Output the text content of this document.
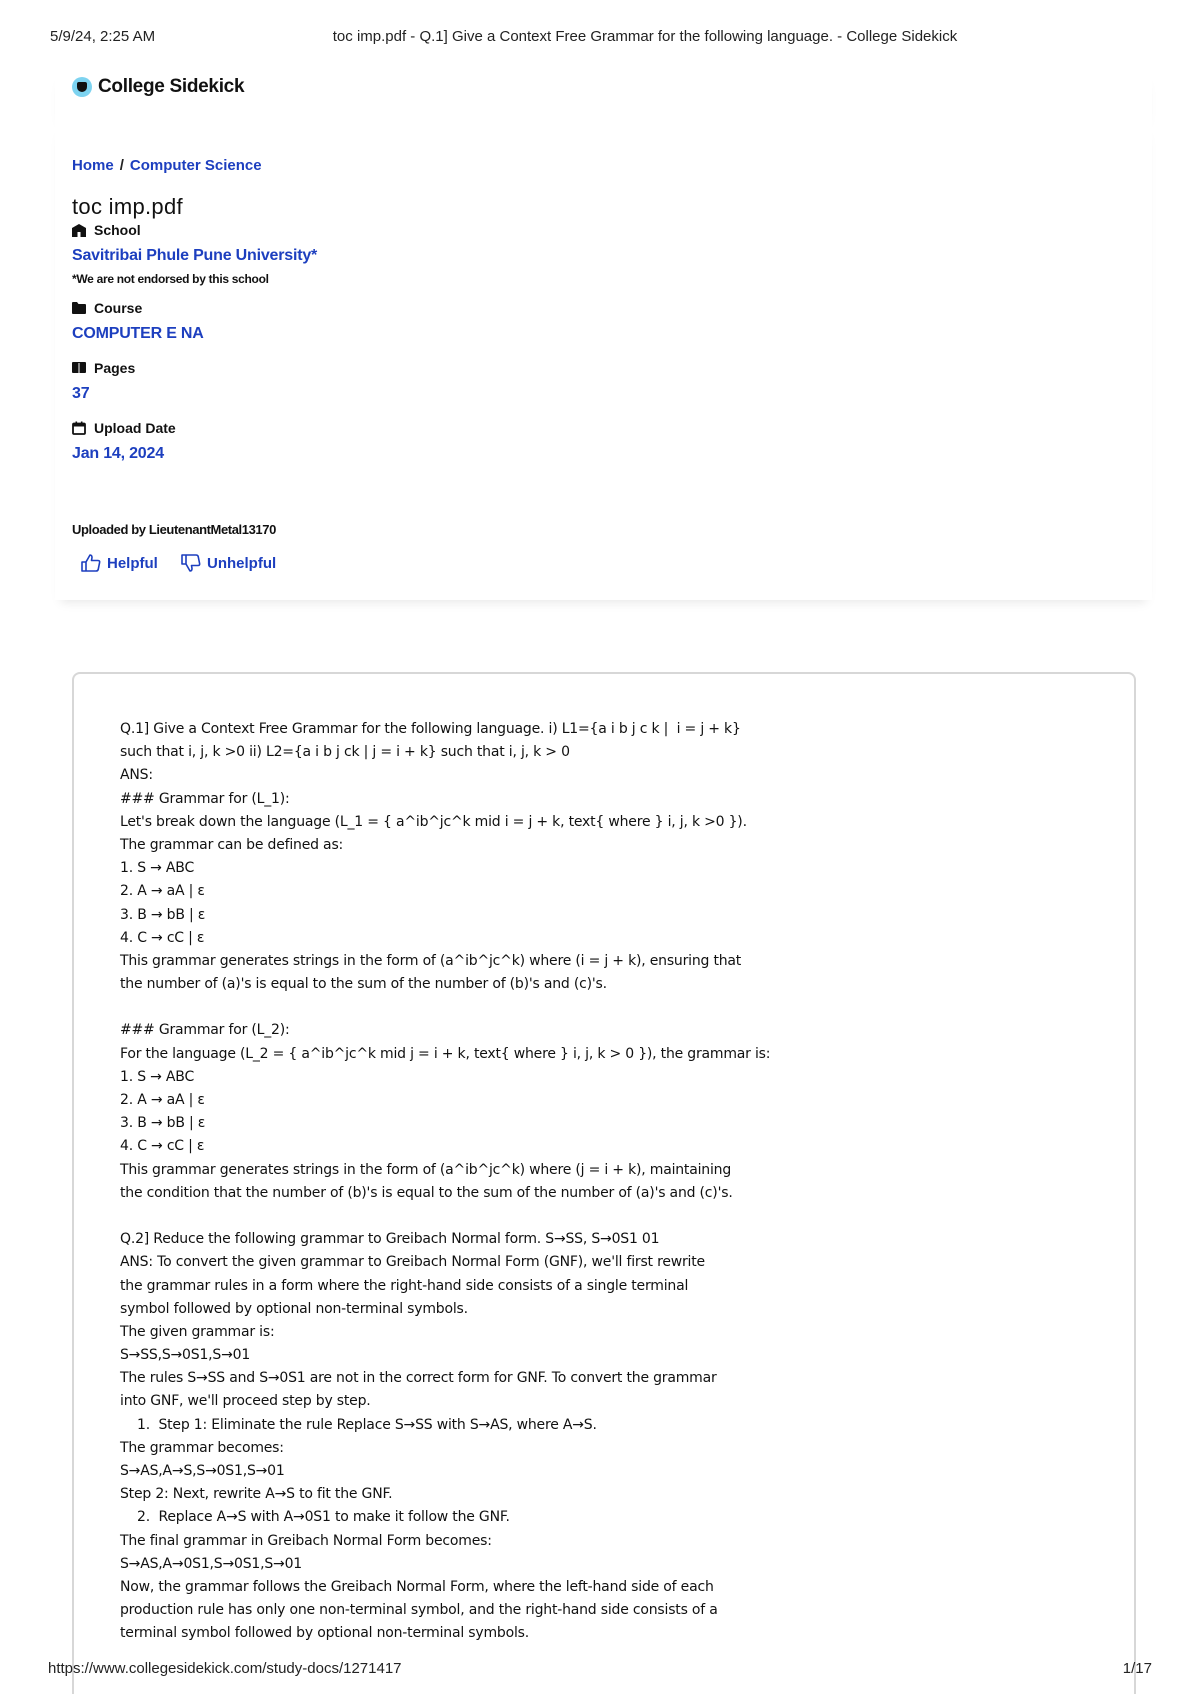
5/9/24, 2:25 AM	toc imp.pdf - Q.1] Give a Context Free Grammar for the following language. - College Sidekick
College Sidekick
Home / Computer Science
toc imp.pdf
School
Savitribai Phule Pune University*
*We are not endorsed by this school
Course
COMPUTER E NA
Pages
37
Upload Date
Jan 14, 2024
Uploaded by LieutenantMetal13170
Helpful	Unhelpful
Q.1] Give a Context Free Grammar for the following language. i) L1={a i b j c k |  i = j + k}
such that i, j, k >0 ii) L2={a i b j ck | j = i + k} such that i, j, k > 0
ANS:
### Grammar for (L_1):
Let's break down the language (L_1 = { a^ib^jc^k mid i = j + k, text{ where } i, j, k >0 }).
The grammar can be defined as:
1. S → ABC
2. A → aA | ε
3. B → bB | ε
4. C → cC | ε
This grammar generates strings in the form of (a^ib^jc^k) where (i = j + k), ensuring that
the number of (a)'s is equal to the sum of the number of (b)'s and (c)'s.
### Grammar for (L_2):
For the language (L_2 = { a^ib^jc^k mid j = i + k, text{ where } i, j, k > 0 }), the grammar is:
1. S → ABC
2. A → aA | ε
3. B → bB | ε
4. C → cC | ε
This grammar generates strings in the form of (a^ib^jc^k) where (j = i + k), maintaining
the condition that the number of (b)'s is equal to the sum of the number of (a)'s and (c)'s.
Q.2] Reduce the following grammar to Greibach Normal form. S→SS, S→0S1 01
ANS: To convert the given grammar to Greibach Normal Form (GNF), we'll first rewrite
the grammar rules in a form where the right-hand side consists of a single terminal
symbol followed by optional non-terminal symbols.
The given grammar is:
S→SS,S→0S1,S→01
The rules S→SS and S→0S1 are not in the correct form for GNF. To convert the grammar
into GNF, we'll proceed step by step.
1.  Step 1: Eliminate the rule Replace S→SS with S→AS, where A→S.
The grammar becomes:
S→AS,A→S,S→0S1,S→01
Step 2: Next, rewrite A→S to fit the GNF.
2.  Replace A→S with A→0S1 to make it follow the GNF.
The final grammar in Greibach Normal Form becomes:
S→AS,A→0S1,S→0S1,S→01
Now, the grammar follows the Greibach Normal Form, where the left-hand side of each
production rule has only one non-terminal symbol, and the right-hand side consists of a
terminal symbol followed by optional non-terminal symbols.
https://www.collegesidekick.com/study-docs/1271417	1/17
